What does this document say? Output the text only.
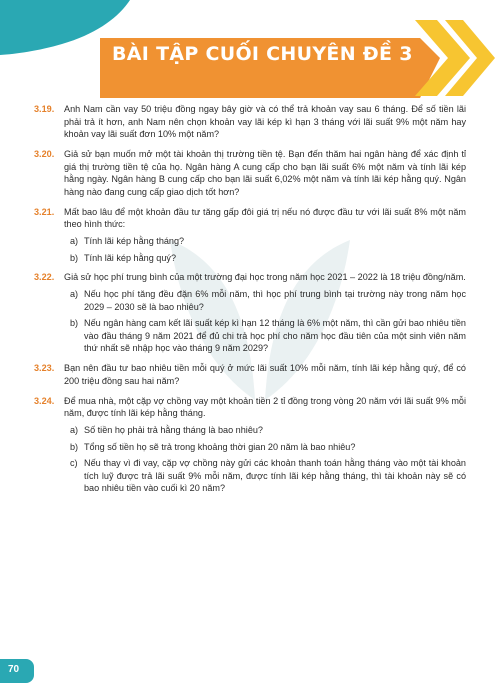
BÀI TẬP CUỐI CHUYÊN ĐỀ 3
3.19. Anh Nam cần vay 50 triệu đồng ngay bây giờ và có thể trả khoản vay sau 6 tháng. Để số tiền lãi phải trả ít hơn, anh Nam nên chọn khoản vay lãi kép kì hạn 3 tháng với lãi suất 9% một năm hay khoản vay lãi suất đơn 10% một năm?
3.20. Giả sử bạn muốn mở một tài khoản thị trường tiền tệ. Bạn đến thăm hai ngân hàng để xác định tỉ giá thị trường tiền tệ của họ. Ngân hàng A cung cấp cho bạn lãi suất 6% một năm và tính lãi kép hằng ngày. Ngân hàng B cung cấp cho bạn lãi suất 6,02% một năm và tính lãi kép hằng quý. Ngân hàng nào đang cung cấp giao dịch tốt hơn?
3.21. Mất bao lâu để một khoản đầu tư tăng gấp đôi giá trị nếu nó được đầu tư với lãi suất 8% một năm theo hình thức:
a) Tính lãi kép hằng tháng?
b) Tính lãi kép hằng quý?
3.22. Giả sử học phí trung bình của một trường đại học trong năm học 2021 – 2022 là 18 triệu đồng/năm.
a) Nếu học phí tăng đều đặn 6% mỗi năm, thì học phí trung bình tại trường này trong năm học 2029 – 2030 sẽ là bao nhiêu?
b) Nếu ngân hàng cam kết lãi suất kép kì hạn 12 tháng là 6% một năm, thì cần gửi bao nhiêu tiền vào đầu tháng 9 năm 2021 để đủ chi trả học phí cho năm học đầu tiên của một sinh viên năm thứ nhất sẽ nhập học vào tháng 9 năm 2029?
3.23. Bạn nên đầu tư bao nhiêu tiền mỗi quý ở mức lãi suất 10% mỗi năm, tính lãi kép hằng quý, để có 200 triệu đồng sau hai năm?
3.24. Để mua nhà, một cặp vợ chồng vay một khoản tiền 2 tỉ đồng trong vòng 20 năm với lãi suất 9% mỗi năm, được tính lãi kép hằng tháng.
a) Số tiền họ phải trả hằng tháng là bao nhiêu?
b) Tổng số tiền họ sẽ trả trong khoảng thời gian 20 năm là bao nhiêu?
c) Nếu thay vì đi vay, cặp vợ chồng này gửi các khoản thanh toán hằng tháng vào một tài khoản tích luỹ được trả lãi suất 9% mỗi năm, được tính lãi kép hằng tháng, thì tài khoản này sẽ có bao nhiêu tiền vào cuối kì 20 năm?
70
